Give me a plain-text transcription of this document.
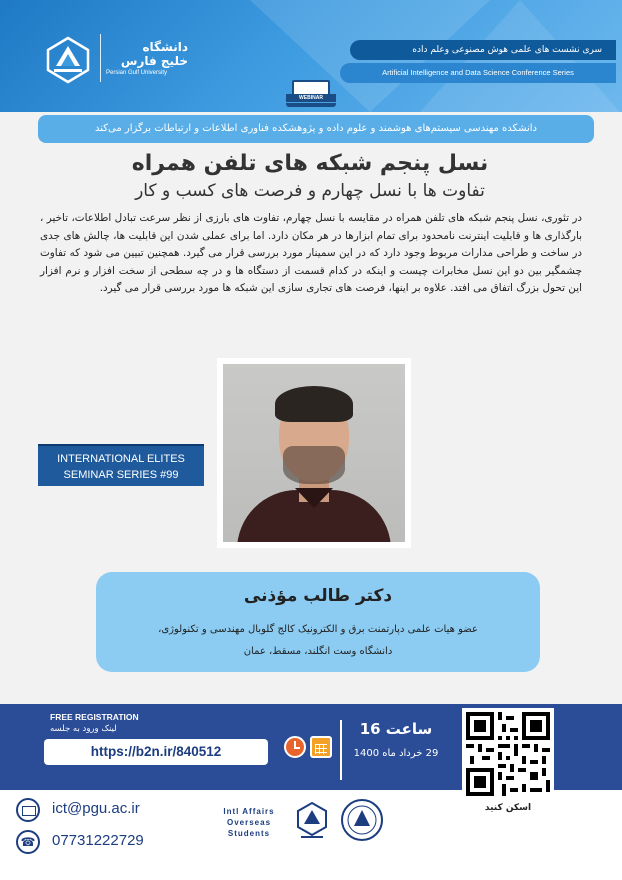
دانشگاه
خلیج فارس
Persian Gulf University
سری نشست های علمی هوش مصنوعی وعلم داده
Artificial Intelligence and Data Science Conference Series
WEBINAR
دانشکده مهندسی سیستم‌های هوشمند و علوم داده و پژوهشکده فناوری اطلاعات و ارتباطات برگزار می‌کند
نسل پنجم شبکه های تلفن همراه
تفاوت ها با نسل چهارم و فرصت های کسب و کار
در تئوری، نسل پنجم شبکه های تلفن همراه در مقایسه با نسل چهارم، تفاوت های بارزی از نظر سرعت تبادل اطلاعات، تاخیر ، بارگذاری ها و قابلیت اینترنت نامحدود برای تمام ابزارها در هر مکان دارد. اما برای عملی شدن این قابلیت ها، چالش های جدی در ساخت و طراحی مدارات مربوط وجود دارد که در این سمینار مورد بررسی قرار می گیرد. همچنین تبیین می شود که تفاوت چشمگیر بین دو این نسل مخابرات چیست و اینکه در کدام قسمت از دستگاه ها و در چه سطحی از سخت افزار و نرم افزار این تحول بزرگ اتفاق می افتد. علاوه بر اینها، فرصت های تجاری سازی این شبکه ها مورد بررسی قرار می گیرد.
INTERNATIONAL ELITES
SEMINAR SERIES #99
دکتر طالب مؤذنی
عضو هیات علمی دپارتمنت برق و الکترونیک کالج گلوبال مهندسی و تکنولوژی،
دانشگاه وست انگلند، مسقط، عمان
FREE REGISTRATION
لینک ورود به جلسه
https://b2n.ir/840512
ساعت 16
29 خرداد ماه 1400
اسکن کنید
ict@pgu.ac.ir
☎	07731222729
Intl Affairs
Overseas
Students
